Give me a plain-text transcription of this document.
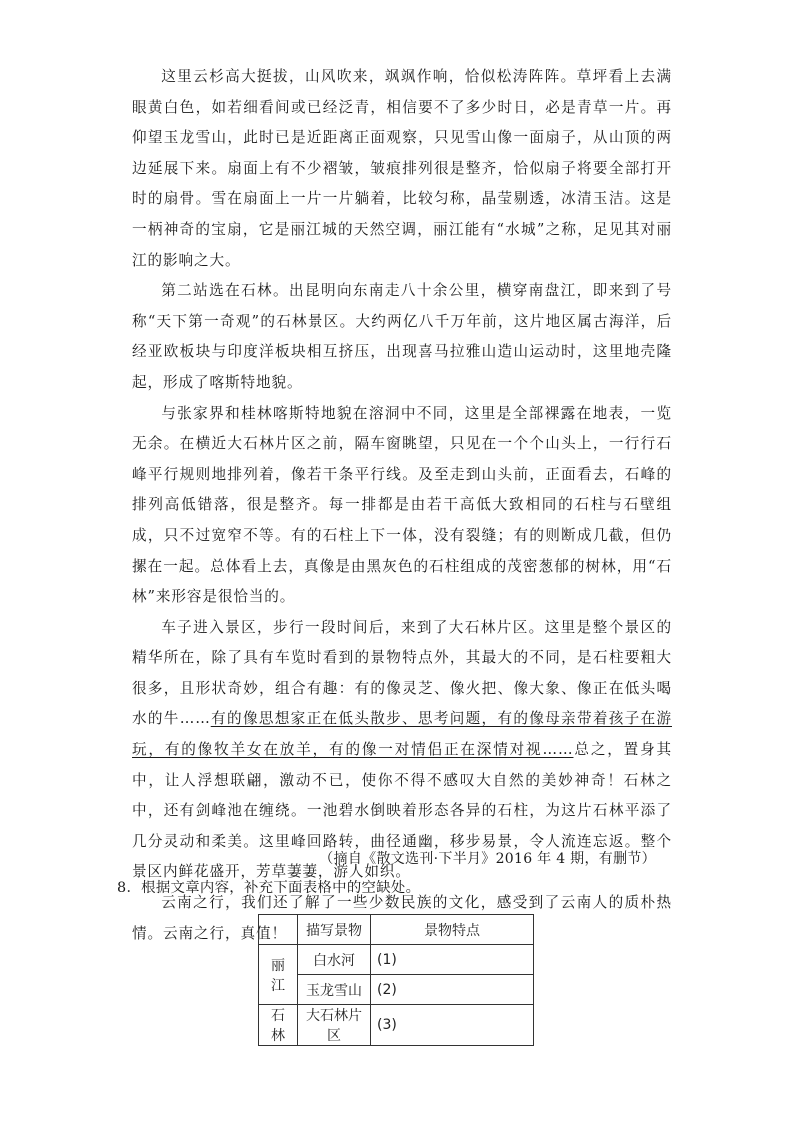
这里云杉高大挺拔，山风吹来，飒飒作响，恰似松涛阵阵。草坪看上去满眼黄白色，如若细看间或已经泛青，相信要不了多少时日，必是青草一片。再仰望玉龙雪山，此时已是近距离正面观察，只见雪山像一面扇子，从山顶的两边延展下来。扇面上有不少褶皱，皱痕排列很是整齐，恰似扇子将要全部打开时的扇骨。雪在扇面上一片一片躺着，比较匀称，晶莹剔透，冰清玉洁。这是一柄神奇的宝扇，它是丽江城的天然空调，丽江能有“水城”之称，足见其对丽江的影响之大。

第二站选在石林。出昆明向东南走八十余公里，横穿南盘江，即来到了号称“天下第一奇观”的石林景区。大约两亿八千万年前，这片地区属古海洋，后经亚欧板块与印度洋板块相互挤压，出现喜马拉雅山造山运动时，这里地壳隆起，形成了喀斯特地貌。

与张家界和桂林喀斯特地貌在溶洞中不同，这里是全部裸露在地表，一览无余。在横近大石林片区之前，隔车窗眺望，只见在一个个山头上，一行行石峰平行规则地排列着，像若干条平行线。及至走到山头前，正面看去，石峰的排列高低错落，很是整齐。每一排都是由若干高低大致相同的石柱与石壁组成，只不过宽窄不等。有的石柱上下一体，没有裂缝；有的则断成几截，但仍摞在一起。总体看上去，真像是由黑灰色的石柱组成的茂密葱郁的树林，用“石林”来形容是很恰当的。

车子进入景区，步行一段时间后，来到了大石林片区。这里是整个景区的精华所在，除了具有车览时看到的景物特点外，其最大的不同，是石柱要粗大很多，且形状奇妙，组合有趣：有的像灵芝、像火把、像大象、像正在低头喝水的牛……有的像思想家正在低头散步、思考问题，有的像母亲带着孩子在游玩，有的像牧羊女在放羊，有的像一对情侣正在深情对视……总之，置身其中，让人浮想联翩，激动不已，使你不得不感叹大自然的美妙神奇！石林之中，还有剑峰池在缠绕。一池碧水倒映着形态各异的石柱，为这片石林平添了几分灵动和柔美。这里峰回路转，曲径通幽，移步易景，令人流连忘返。整个景区内鲜花盛开，芳草萋萋，游人如织。

云南之行，我们还了解了一些少数民族的文化，感受到了云南人的质朴热情。云南之行，真值！

（摘自《散文选刊·下半月》2016 年 4 期，有删节）
8．根据文章内容，补充下面表格中的空缺处。
	描写景物	景物特点
丽江	白水河	(1)
	玉龙雪山	(2)
石林	大石林片区	(3)
